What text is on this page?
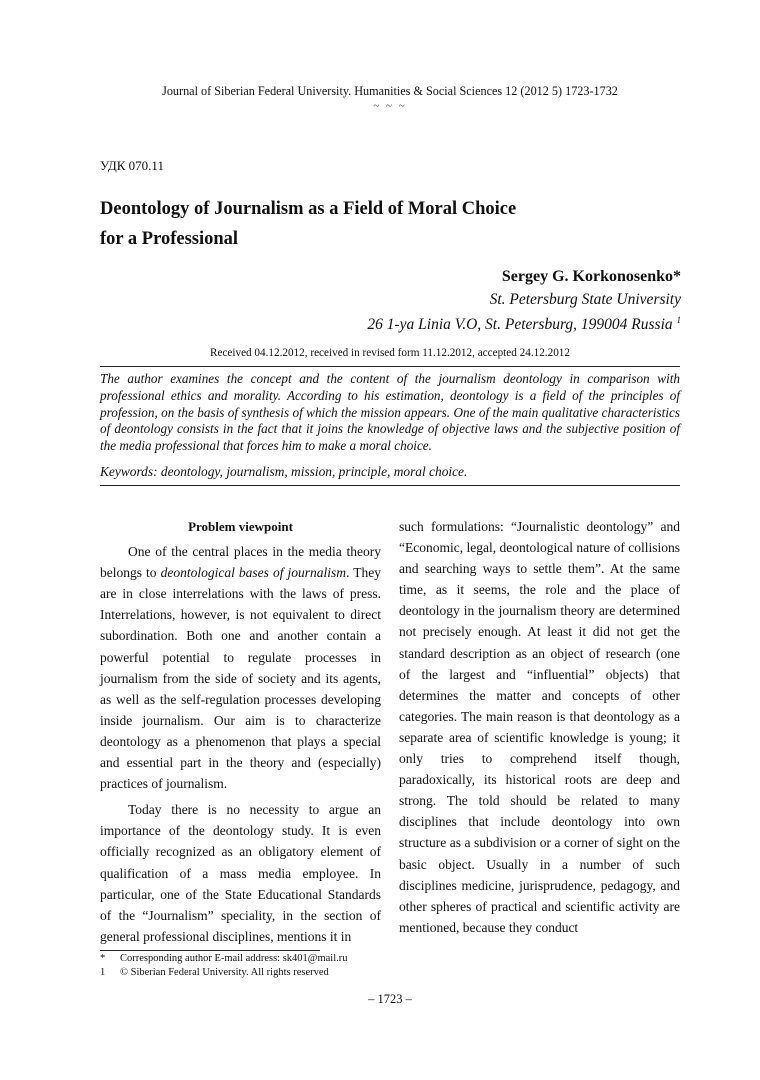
Journal of Siberian Federal University. Humanities & Social Sciences 12 (2012 5) 1723-1732
~ ~ ~
УДК 070.11
Deontology of Journalism as a Field of Moral Choice
for a Professional
Sergey G. Korkonosenko*
St. Petersburg State University
26 1-ya Linia V.O, St. Petersburg, 199004 Russia $^1$
Received 04.12.2012, received in revised form 11.12.2012, accepted 24.12.2012
The author examines the concept and the content of the journalism deontology in comparison with professional ethics and morality. According to his estimation, deontology is a field of the principles of profession, on the basis of synthesis of which the mission appears. One of the main qualitative characteristics of deontology consists in the fact that it joins the knowledge of objective laws and the subjective position of the media professional that forces him to make a moral choice.
Keywords: deontology, journalism, mission, principle, moral choice.

Problem viewpoint

One of the central places in the media theory belongs to deontological bases of journalism. They are in close interrelations with the laws of press. Interrelations, however, is not equivalent to direct subordination. Both one and another contain a powerful potential to regulate processes in journalism from the side of society and its agents, as well as the self-regulation processes developing inside journalism. Our aim is to characterize deontology as a phenomenon that plays a special and essential part in the theory and (especially) practices of journalism.

Today there is no necessity to argue an importance of the deontology study. It is even officially recognized as an obligatory element of qualification of a mass media employee. In particular, one of the State Educational Standards of the “Journalism” speciality, in the section of general professional disciplines, mentions it in

such formulations: “Journalistic deontology” and “Economic, legal, deontological nature of collisions and searching ways to settle them”. At the same time, as it seems, the role and the place of deontology in the journalism theory are determined not precisely enough. At least it did not get the standard description as an object of research (one of the largest and “influential” objects) that determines the matter and concepts of other categories. The main reason is that deontology as a separate area of scientific knowledge is young; it only tries to comprehend itself though, paradoxically, its historical roots are deep and strong. The told should be related to many disciplines that include deontology into own structure as a subdivision or a corner of sight on the basic object. Usually in a number of such disciplines medicine, jurisprudence, pedagogy, and other spheres of practical and scientific activity are mentioned, because they conduct

* Corresponding author E-mail address: sk401@mail.ru
1 © Siberian Federal University. All rights reserved
– 1723 –
